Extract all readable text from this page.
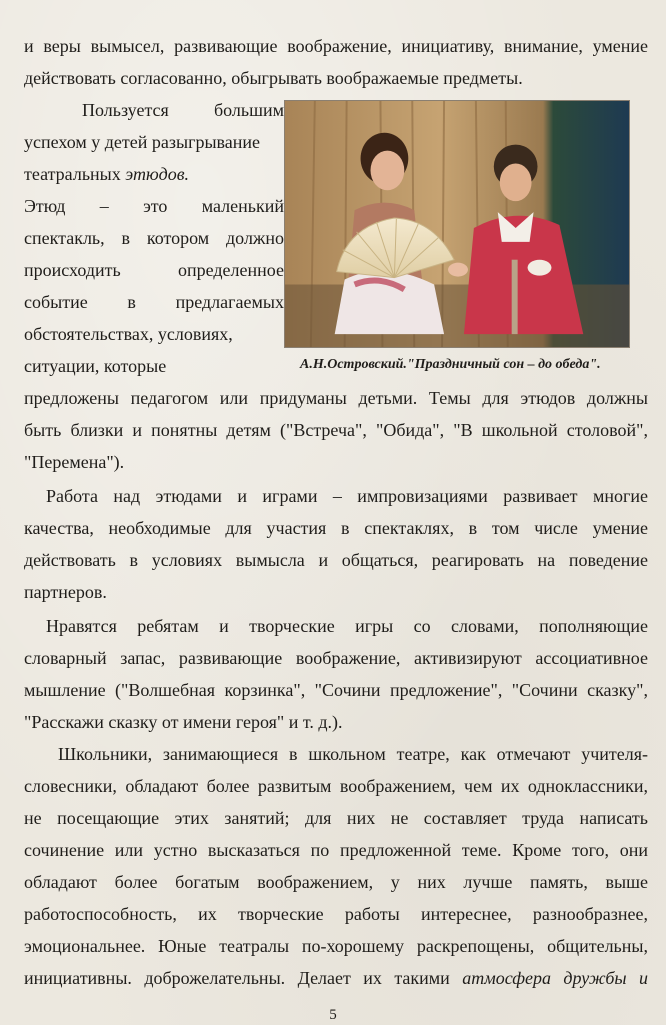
и веры вымысел, развивающие воображение, инициативу, внимание, умение
действовать согласованно, обыгрывать воображаемые предметы.
Пользуется большим
успехом у детей разыгрывание
театральных этюдов.
Этюд – это маленький
спектакль, в котором должно
происходить определенное
событие в предлагаемых
обстоятельствах, условиях,
ситуации, которые	А.Н.Островский."Праздничный сон – до обеда".
предложены педагогом или придуманы детьми. Темы для этюдов должны
быть близки и понятны детям ("Встреча", "Обида", "В школьной столовой",
"Перемена").
Работа над этюдами и играми – импровизациями развивает многие
качества, необходимые для участия в спектаклях, в том числе умение
действовать в условиях вымысла и общаться, реагировать на поведение
партнеров.
Нравятся ребятам и творческие игры со словами, пополняющие
словарный запас, развивающие воображение, активизируют ассоциативное
мышление ("Волшебная корзинка", "Сочини предложение", "Сочини сказку",
"Расскажи сказку от имени героя" и т. д.).
Школьники, занимающиеся в школьном театре, как отмечают учителя-
словесники, обладают более развитым воображением, чем их одноклассники,
не посещающие этих занятий; для них не составляет труда написать
сочинение или устно высказаться по предложенной теме. Кроме того, они
обладают более богатым воображением, у них лучше память, выше
работоспособность, их творческие работы интереснее, разнообразнее,
эмоциональнее. Юные театралы по-хорошему раскрепощены, общительны,
инициативны. доброжелательны. Делает их такими атмосфера дружбы и
5
